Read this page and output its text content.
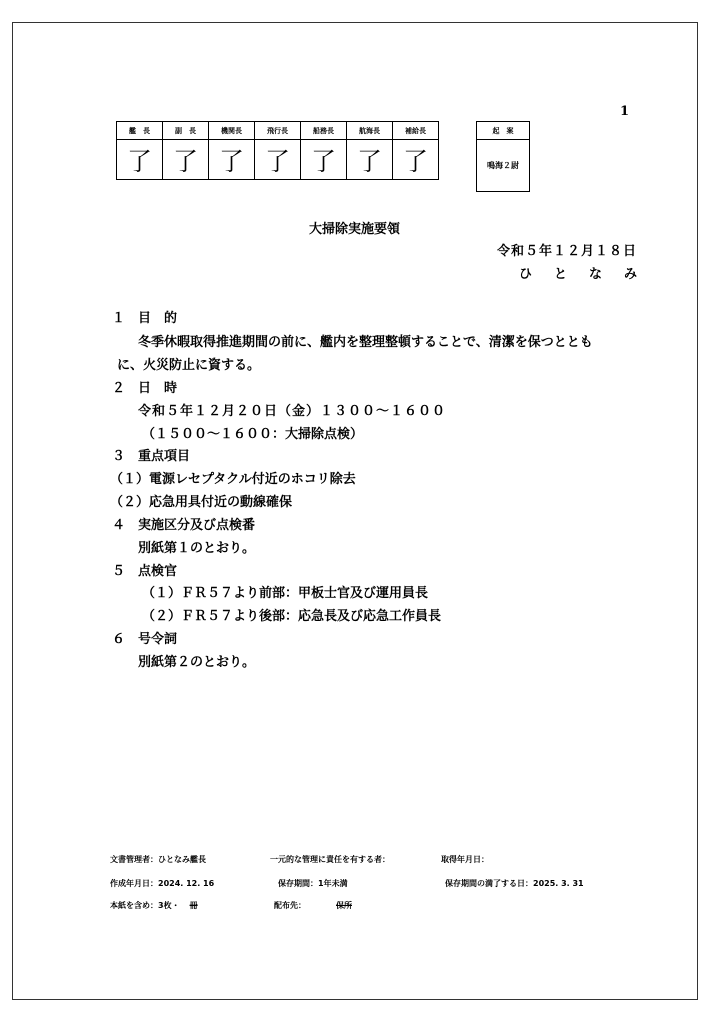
1
艦　長	副　長	機関長	飛行長	船務長	航海長	補給長
了	了	了	了	了	了	了
起　案
鳴海２尉
大掃除実施要領
令和５年１２月１８日
ひとなみ
１ 目　的
冬季休暇取得推進期間の前に、艦内を整理整頓することで、清潔を保つととも
に、火災防止に資する。
２ 日　時
令和５年１２月２０日（金）１３００〜１６００
（１５００〜１６００：大掃除点検）
３ 重点項目
（１）電源レセプタクル付近のホコリ除去
（２）応急用具付近の動線確保
４ 実施区分及び点検番
別紙第１のとおり。
５ 点検官
（１）ＦＲ５７より前部：甲板士官及び運用員長
（２）ＦＲ５７より後部：応急長及び応急工作員長
６ 号令詞
別紙第２のとおり。
文書管理者：ひとなみ艦長	一元的な管理に責任を有する者：	取得年月日：
作成年月日：2024. 12. 16	保存期間：1年未満	保存期間の満了する日：2025. 3. 31
本紙を含め：3枚・ 冊	配布先：	保所
